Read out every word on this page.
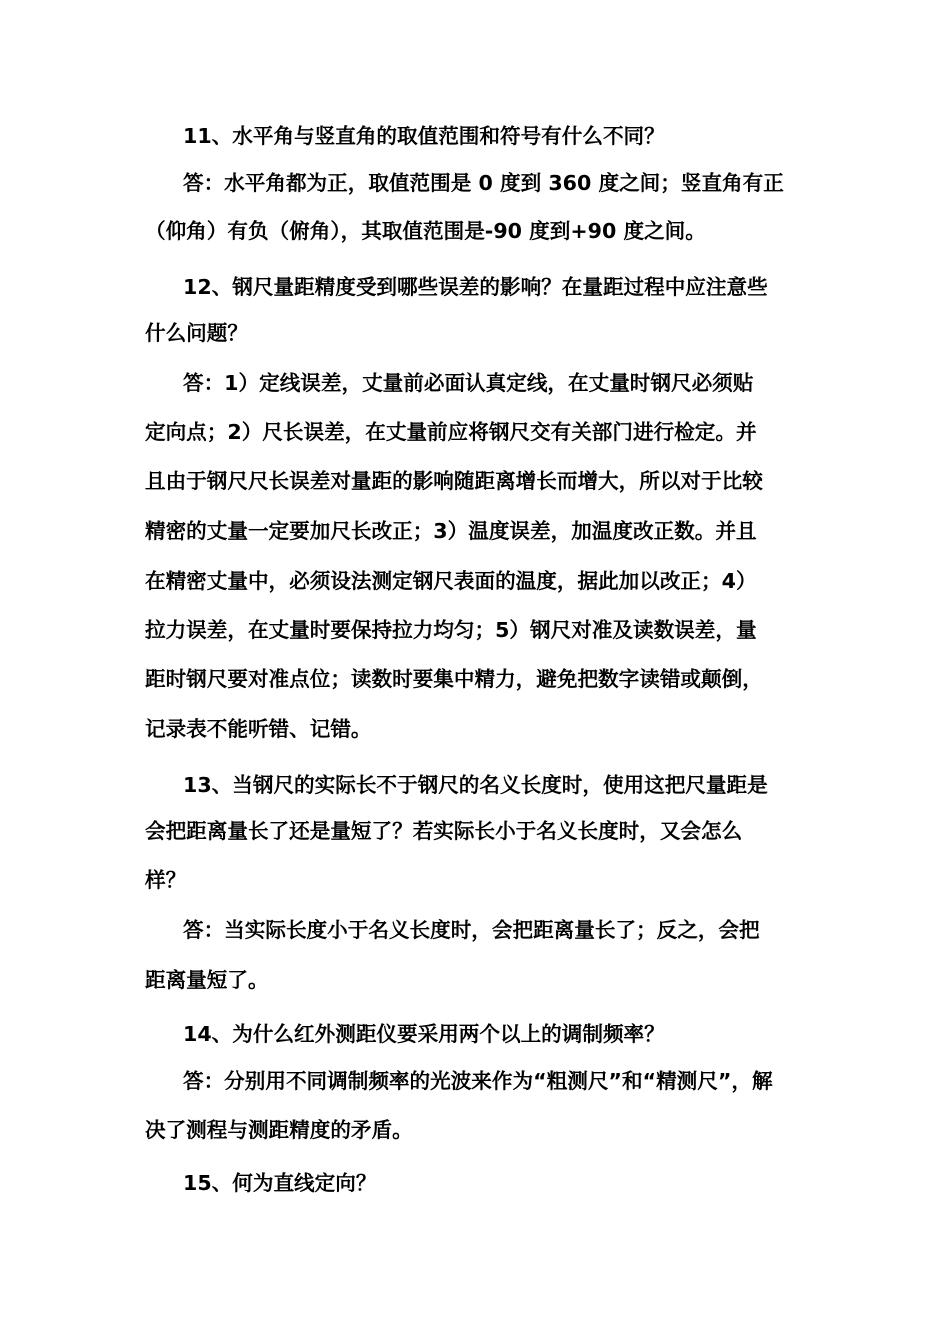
11、水平角与竖直角的取值范围和符号有什么不同？
答：水平角都为正，取值范围是 0 度到 360 度之间；竖直角有正
（仰角）有负（俯角），其取值范围是-90 度到+90 度之间。
12、钢尺量距精度受到哪些误差的影响？在量距过程中应注意些
什么问题？
答：1）定线误差，丈量前必面认真定线，在丈量时钢尺必须贴
定向点；2）尺长误差，在丈量前应将钢尺交有关部门进行检定。并
且由于钢尺尺长误差对量距的影响随距离增长而增大，所以对于比较
精密的丈量一定要加尺长改正；3）温度误差，加温度改正数。并且
在精密丈量中，必须设法测定钢尺表面的温度，据此加以改正；4）
拉力误差，在丈量时要保持拉力均匀；5）钢尺对准及读数误差，量
距时钢尺要对准点位；读数时要集中精力，避免把数字读错或颠倒，
记录表不能听错、记错。
13、当钢尺的实际长不于钢尺的名义长度时，使用这把尺量距是
会把距离量长了还是量短了？若实际长小于名义长度时，又会怎么
样？
答：当实际长度小于名义长度时，会把距离量长了；反之，会把
距离量短了。
14、为什么红外测距仪要采用两个以上的调制频率？
答：分别用不同调制频率的光波来作为“粗测尺”和“精测尺”，解
决了测程与测距精度的矛盾。
15、何为直线定向？
